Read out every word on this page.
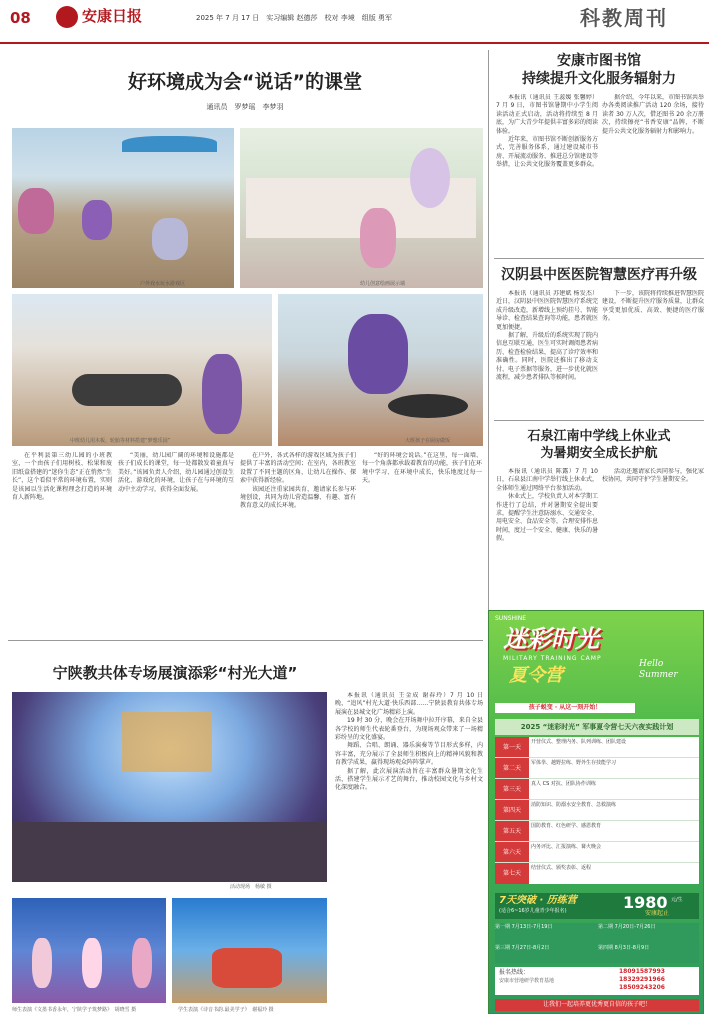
08	安康日报	2025 年 7 月 17 日　实习编辑 赵德莎　校对 李境　组版 勇军	科教周刊
好环境成为会“说话”的课堂
通讯员　罗梦瑶　李梦羽
户外戏水玩水游戏区	幼儿创意绘画展示墙
中班幼儿用木板、轮胎等材料搭建“梦想乐园”	大班孩子在厨房做饭

在平利县第三幼儿园的小班教室，一个由孩子们用树枝、松果和废旧纸盒搭建的“迷你生态”正在悄然“生长”，这个看似平常的环境布置，实则是该园以生活化课程理念打造的环境育人新阵地。

“美丽，幼儿园广阔的环境和设施都是孩子们成长的课堂，每一处都散发着童真与美好。”该园负责人介绍，幼儿园通过创设生活化、游戏化的环境，让孩子在与环境的互动中主动学习，获得全面发展。

在户外，各式各样的游戏区域为孩子们提供了丰富的活动空间；在室内，各班教室设置了不同主题的区角，让幼儿在操作、探索中获得新经验。

该园还注重家园共育，邀请家长参与环境创设，共同为幼儿营造温馨、有趣、富有教育意义的成长环境。

“好的环境会说话。”在这里，每一面墙、每一个角落都承载着教育的功能，孩子们在环境中学习、在环境中成长，快乐地度过每一天。

安康市图书馆
持续提升文化服务辐射力

本报讯（通讯员 王蕊媛 张馨婷）7 月 9 日，市图书馆暑期中小学生阅读活动正式启动，活动将持续至 8 月底，为广大青少年提供丰富多彩的阅读体验。

近年来，市图书馆不断创新服务方式，完善服务体系，通过建设城市书房、开展流动服务、推进总分馆建设等举措，让公共文化服务覆盖更多群众。

据介绍，今年以来，市图书馆共举办各类阅读推广活动 120 余场，接待读者 30 万人次，借还图书 20 余万册次，持续擦亮“书香安康”品牌，不断提升公共文化服务辐射力和影响力。

汉阴县中医医院智慧医疗再升级

本报讯（通讯员 苏建斌 杨发杰）近日，汉阴县中医医院智慧医疗系统完成升级改造，新增线上预约挂号、智能导诊、检查结果查询等功能，患者就医更加便捷。

据了解，升级后的系统实现了院内信息互联互通，医生可实时调阅患者病历、检查检验结果，提高了诊疗效率和准确性。同时，医院还推出了移动支付、电子票据等服务，进一步优化就医流程，减少患者排队等候时间。

下一步，该院将持续推进智慧医院建设，不断提升医疗服务质量，让群众享受更加优质、高效、便捷的医疗服务。

石泉江南中学线上休业式
为暑期安全成长护航

本报讯（通讯员 陈露）7 月 10 日，石泉县江南中学举行线上休业式，全体师生通过网络平台参加活动。

休业式上，学校负责人对本学期工作进行了总结，并对暑期安全提出要求，提醒学生注意防溺水、交通安全、用电安全、食品安全等，合理安排作息时间，度过一个安全、健康、快乐的暑假。

活动还邀请家长共同参与，强化家校协同，共同守护学生暑期安全。

宁陕教共体专场展演添彩“村光大道”
活动现场　杨敏 摄
师生表演《文墨书香永年，宁陕学子筑梦路》　胡晓雪 摄	学生表演《诗音书韵.最美学子》　谢福玲 摄

本报讯（通讯员 王金成 谢春玲）7 月 10 日晚，“追风”村光大道·快乐西部……宁陕县教育共体专场展演在县城文化广场精彩上演。

19 时 30 分，晚会在开场舞中拉开序幕，来自全县各学校的师生代表轮番登台，为现场观众带来了一场精彩纷呈的文化盛宴。

舞蹈、合唱、朗诵、器乐演奏等节目形式多样，内容丰富，充分展示了全县师生积极向上的精神风貌和教育教学成果，赢得现场观众阵阵掌声。

据了解，此次展演活动旨在丰富群众暑期文化生活，搭建学生展示才艺的舞台，推动校园文化与乡村文化深度融合。

SUNSHINE
迷彩时光
MILITARY TRAINING CAMP
夏令营
Hello Summer
孩子蜕变 · 从这一刻开始！
2025 “迷彩时光” 军事夏令营七天六夜实践计划
第一天
开营仪式、整理内务、队列训练、团队建设
第二天
军体拳、越野拉练、野外生存技能学习
第三天
真人 CS 对抗、团队协作训练
第四天
消防知识、防溺水安全教育、急救演练
第五天
国防教育、红色研学、感恩教育
第六天
内务评比、汇报演练、篝火晚会
第七天
结营仪式、颁奖表彰、返程
7天突破 · 历练营
(适合6~16岁儿童青少年报名)	1980 元/生
安康起止
第一期 7月13日-7月19日	第二期 7月20日-7月26日
第三期 7月27日-8月2日	第四期 8月3日-8月9日
报名热线：
安康市营地研学教育基地
18091587993
18329291966
18509243206
让我们一起培养更优秀更自信的孩子吧！
